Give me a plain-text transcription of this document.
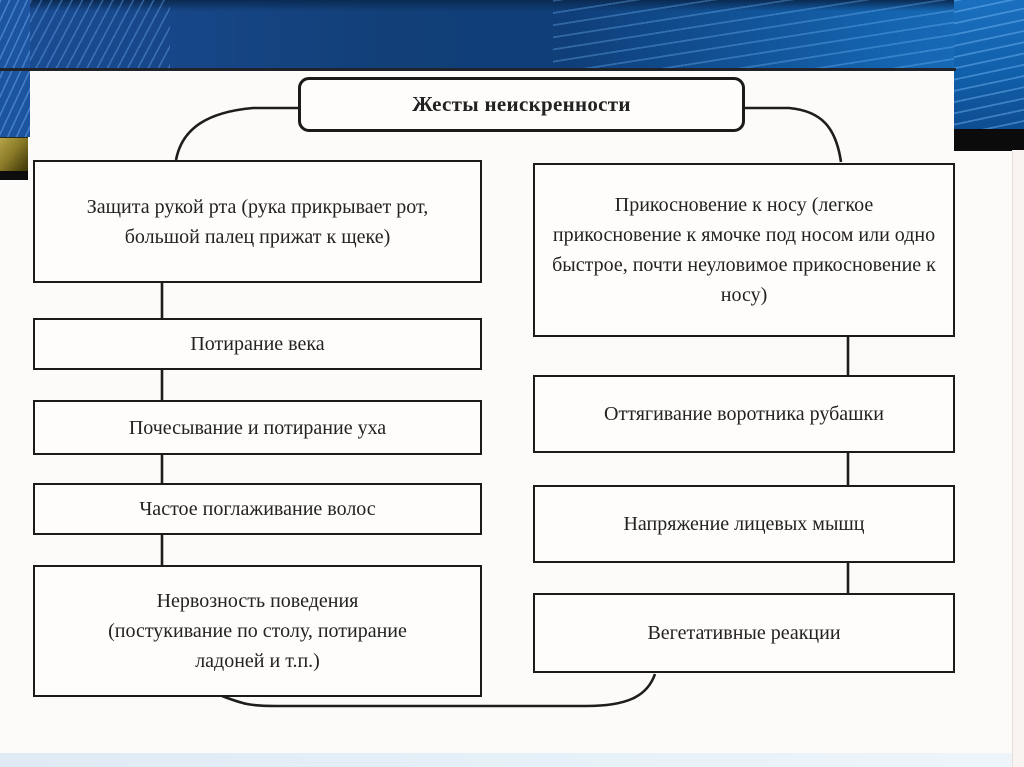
Жесты неискренности
Защита рукой рта (рука прикрывает рот, большой палец прижат к щеке)
Потирание века
Почесывание и потирание уха
Частое поглаживание волос
Нервозность поведения (постукивание по столу, потирание ладоней и т.п.)
Прикосновение к носу (легкое прикосновение к ямочке под носом или одно быстрое, почти неуловимое прикосновение к носу)
Оттягивание воротника рубашки
Напряжение лицевых мышц
Вегетативные реакции
